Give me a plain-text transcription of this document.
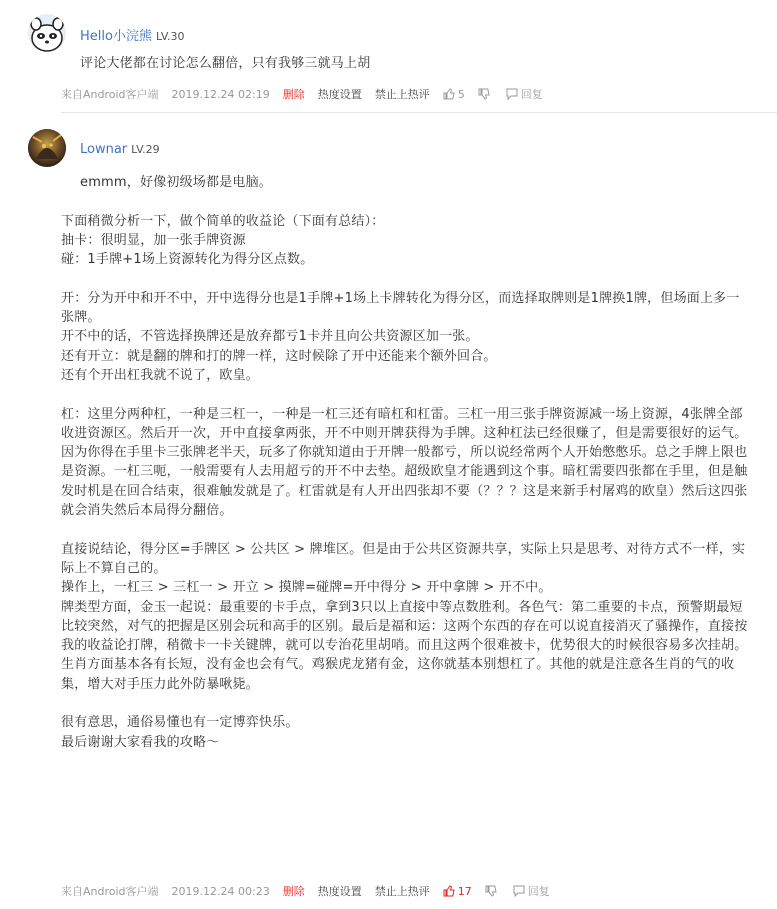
Hello小浣熊 LV.30
评论大佬都在讨论怎么翻倍，只有我够三就马上胡
来自Android客户端 2019.12.24 02:19 删除 热度设置 禁止上热评	5	回复
Lownar LV.29
emmm，好像初级场都是电脑。

下面稍微分析一下，做个简单的收益论（下面有总结）：
抽卡：很明显，加一张手牌资源
碰：1手牌+1场上资源转化为得分区点数。

开：分为开中和开不中，开中选得分也是1手牌+1场上卡牌转化为得分区，而选择取牌则是1牌换1牌，但场面上多一张牌。
开不中的话，不管选择换牌还是放弃都亏1卡并且向公共资源区加一张。
还有开立：就是翻的牌和打的牌一样，这时候除了开中还能来个额外回合。
还有个开出杠我就不说了，欧皇。

杠：这里分两种杠，一种是三杠一，一种是一杠三还有暗杠和杠雷。三杠一用三张手牌资源减一场上资源，4张牌全部收进资源区。然后开一次，开中直接拿两张，开不中则开牌获得为手牌。这种杠法已经很赚了，但是需要很好的运气。因为你得在手里卡三张牌老半天，玩多了你就知道由于开牌一般都亏，所以说经常两个人开始憋憋乐。总之手牌上限也是资源。一杠三呃，一般需要有人去用超亏的开不中去垫。超级欧皇才能遇到这个事。暗杠需要四张都在手里，但是触发时机是在回合结束，很难触发就是了。杠雷就是有人开出四张却不要（？？？这是来新手村屠鸡的欧皇）然后这四张就会消失然后本局得分翻倍。

直接说结论，得分区=手牌区 > 公共区 > 牌堆区。但是由于公共区资源共享，实际上只是思考、对待方式不一样，实际上不算自己的。
操作上，一杠三 > 三杠一 > 开立 > 摸牌=碰牌=开中得分 > 开中拿牌 > 开不中。
牌类型方面，金玉一起说：最重要的卡手点，拿到3只以上直接中等点数胜利。各色气：第二重要的卡点，预警期最短比较突然，对气的把握是区别会玩和高手的区别。最后是福和运：这两个东西的存在可以说直接消灭了骚操作，直接按我的收益论打牌，稍微卡一卡关键牌，就可以专治花里胡哨。而且这两个很难被卡，优势很大的时候很容易多次挂胡。
生肖方面基本各有长短，没有金也会有气。鸡猴虎龙猪有金，这你就基本别想杠了。其他的就是注意各生肖的气的收集，增大对手压力此外防暴啾毙。

很有意思，通俗易懂也有一定博弈快乐。
最后谢谢大家看我的攻略～
来自Android客户端 2019.12.24 00:23 删除 热度设置 禁止上热评	17	回复
